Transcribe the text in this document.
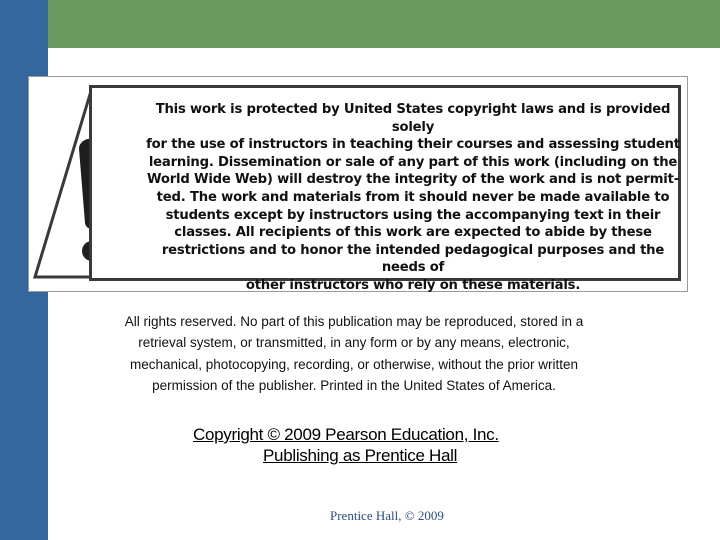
This work is protected by United States copyright laws and is provided solely
for the use of instructors in teaching their courses and assessing student
learning. Dissemination or sale of any part of this work (including on the
World Wide Web) will destroy the integrity of the work and is not permit-
ted. The work and materials from it should never be made available to
students except by instructors using the accompanying text in their
classes. All recipients of this work are expected to abide by these
restrictions and to honor the intended pedagogical purposes and the needs of
other instructors who rely on these materials.

All rights reserved. No part of this publication may be reproduced, stored in a
retrieval system, or transmitted, in any form or by any means, electronic,
mechanical, photocopying, recording, or otherwise, without the prior written
permission of the publisher. Printed in the United States of America.

Copyright © 2009 Pearson Education, Inc.

Publishing as Prentice Hall

Prentice Hall, © 2009
